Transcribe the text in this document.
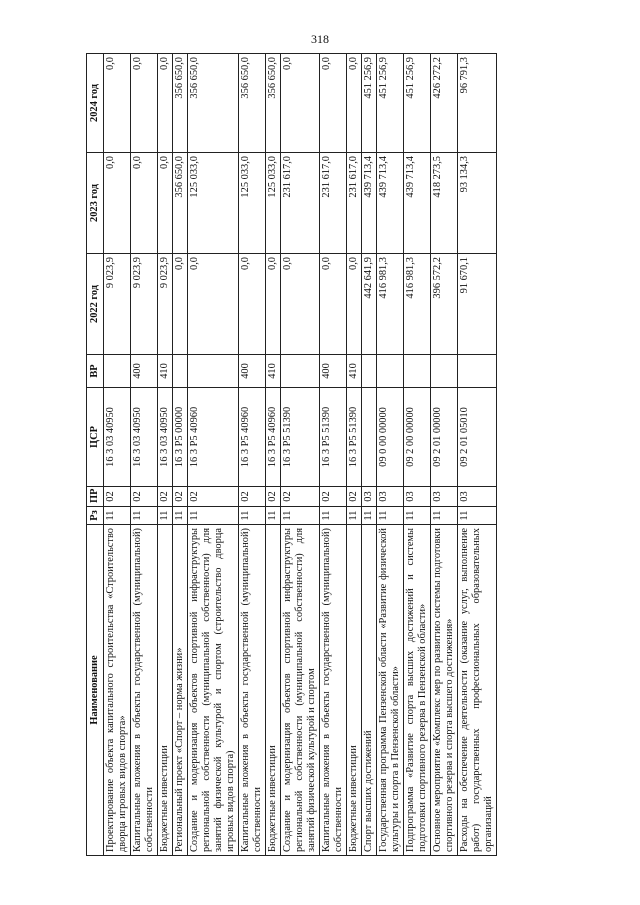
318
Наименование	Рз	ПР	ЦСР	ВР	2022 год	2023 год	2024 год
Проектирование объекта капитального строительства «Строительство дворца игровых видов спорта»	11	02	16 3 03 40950		9 023,9	0,0	0,0
Капитальные вложения в объекты государственной (муниципальной) собственности	11	02	16 3 03 40950	400	9 023,9	0,0	0,0
Бюджетные инвестиции	11	02	16 3 03 40950	410	9 023,9	0,0	0,0
Региональный проект «Спорт – норма жизни»	11	02	16 3 P5 00000		0,0	356 650,0	356 650,0
Создание и модернизация объектов спортивной инфраструктуры региональной собственности (муниципальной собственности) для занятий физической культурой и спортом (строительство дворца игровых видов спорта)	11	02	16 3 P5 40960		0,0	125 033,0	356 650,0
Капитальные вложения в объекты государственной (муниципальной) собственности	11	02	16 3 P5 40960	400	0,0	125 033,0	356 650,0
Бюджетные инвестиции	11	02	16 3 P5 40960	410	0,0	125 033,0	356 650,0
Создание и модернизация объектов спортивной инфраструктуры региональной собственности (муниципальной собственности) для занятий физической культурой и спортом	11	02	16 3 P5 51390		0,0	231 617,0	0,0
Капитальные вложения в объекты государственной (муниципальной) собственности	11	02	16 3 P5 51390	400	0,0	231 617,0	0,0
Бюджетные инвестиции	11	02	16 3 P5 51390	410	0,0	231 617,0	0,0
Спорт высших достижений	11	03			442 641,9	439 713,4	451 256,9
Государственная программа Пензенской области «Развитие физической культуры и спорта в Пензенской области»	11	03	09 0 00 00000		416 981,3	439 713,4	451 256,9
Подпрограмма «Развитие спорта высших достижений и системы подготовки спортивного резерва в Пензенской области»	11	03	09 2 00 00000		416 981,3	439 713,4	451 256,9
Основное мероприятие «Комплекс мер по развитию системы подготовки спортивного резерва и спорта высшего достижения»	11	03	09 2 01 00000		396 572,2	418 273,5	426 272,2
Расходы на обеспечение деятельности (оказание услуг, выполнение работ) государственных профессиональных образовательных организаций	11	03	09 2 01 05010		91 670,1	93 134,3	96 791,3
